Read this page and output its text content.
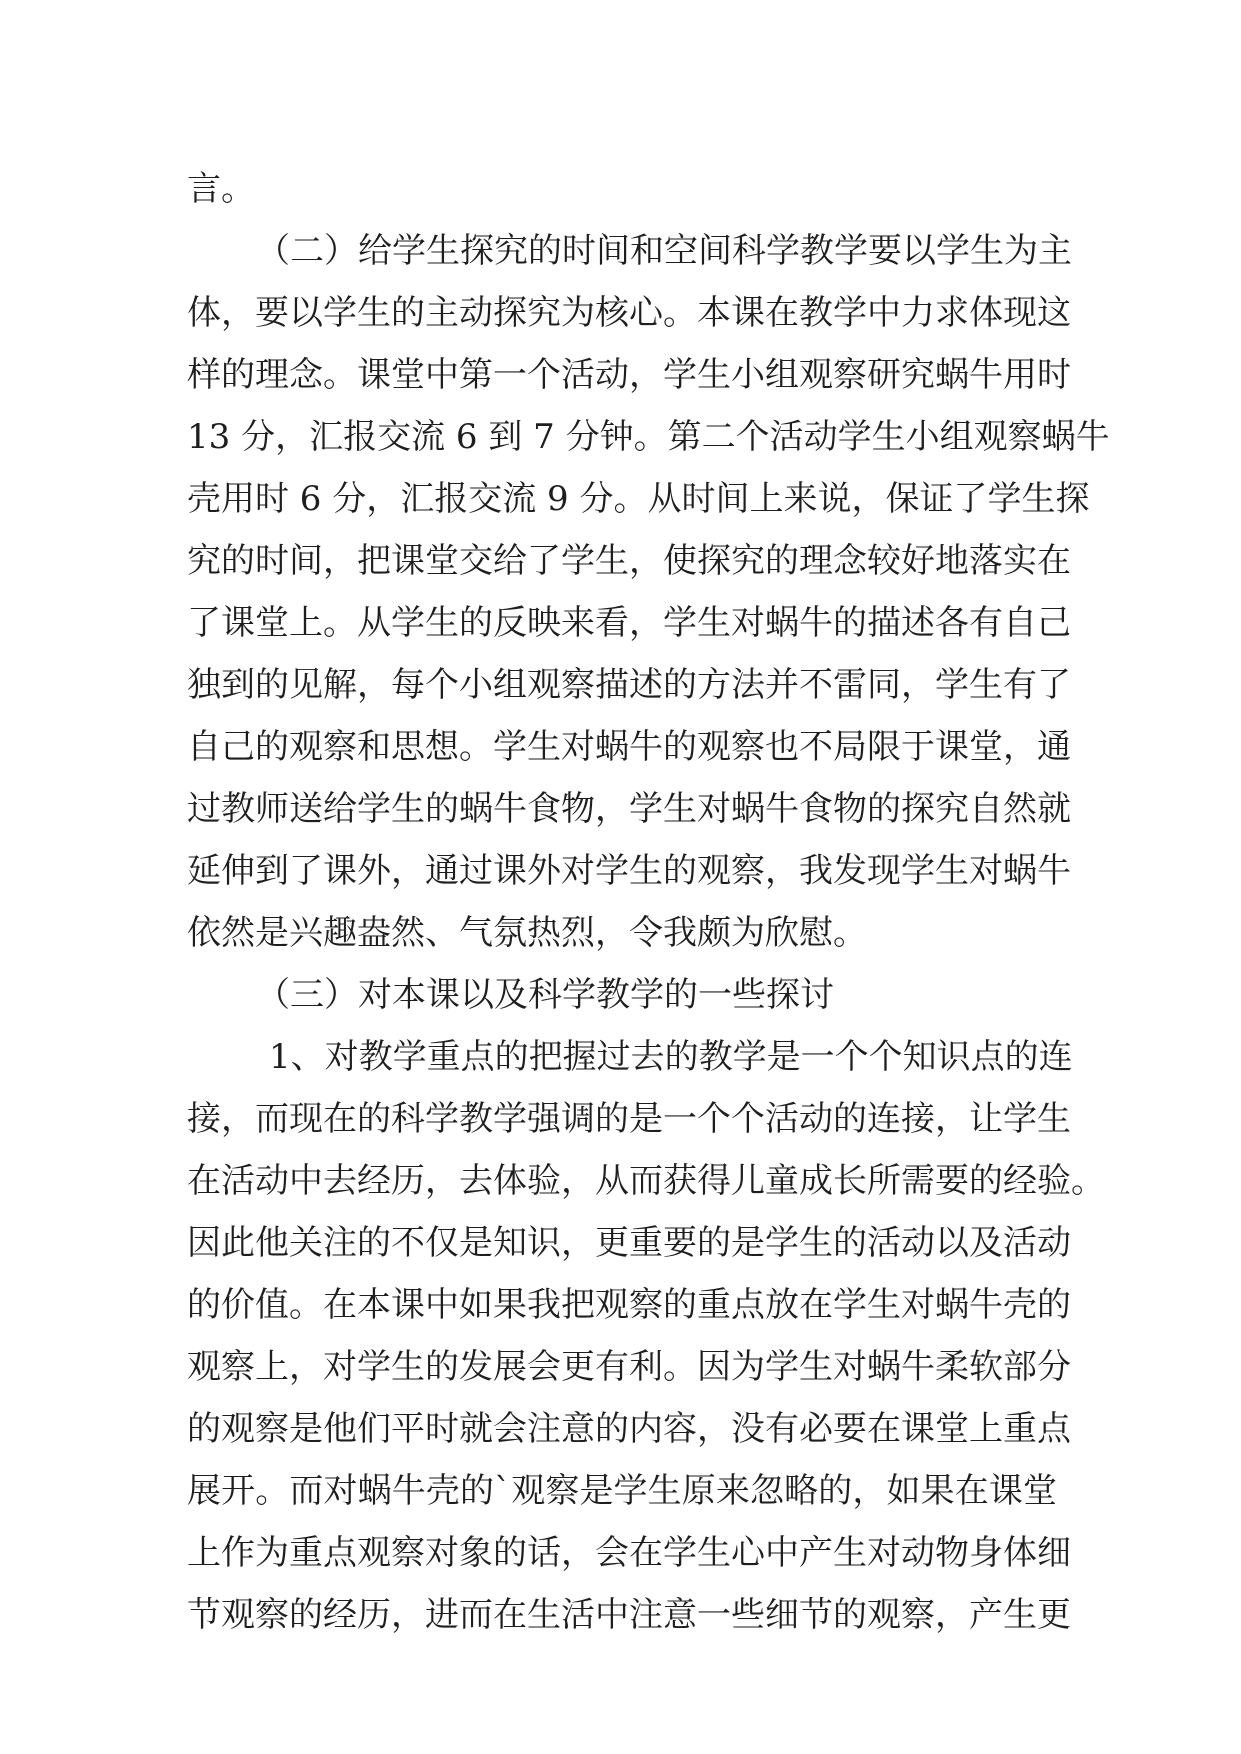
言。
（二）给学生探究的时间和空间科学教学要以学生为主
体，要以学生的主动探究为核心。本课在教学中力求体现这
样的理念。课堂中第一个活动，学生小组观察研究蜗牛用时
13 分，汇报交流 6 到 7 分钟。第二个活动学生小组观察蜗牛
壳用时 6 分，汇报交流 9 分。从时间上来说，保证了学生探
究的时间，把课堂交给了学生，使探究的理念较好地落实在
了课堂上。从学生的反映来看，学生对蜗牛的描述各有自己
独到的见解，每个小组观察描述的方法并不雷同，学生有了
自己的观察和思想。学生对蜗牛的观察也不局限于课堂，通
过教师送给学生的蜗牛食物，学生对蜗牛食物的探究自然就
延伸到了课外，通过课外对学生的观察，我发现学生对蜗牛
依然是兴趣盎然、气氛热烈，令我颇为欣慰。
（三）对本课以及科学教学的一些探讨
1、对教学重点的把握过去的教学是一个个知识点的连
接，而现在的科学教学强调的是一个个活动的连接，让学生
在活动中去经历，去体验，从而获得儿童成长所需要的经验。
因此他关注的不仅是知识，更重要的是学生的活动以及活动
的价值。在本课中如果我把观察的重点放在学生对蜗牛壳的
观察上，对学生的发展会更有利。因为学生对蜗牛柔软部分
的观察是他们平时就会注意的内容，没有必要在课堂上重点
展开。而对蜗牛壳的`观察是学生原来忽略的，如果在课堂
上作为重点观察对象的话，会在学生心中产生对动物身体细
节观察的经历，进而在生活中注意一些细节的观察，产生更
